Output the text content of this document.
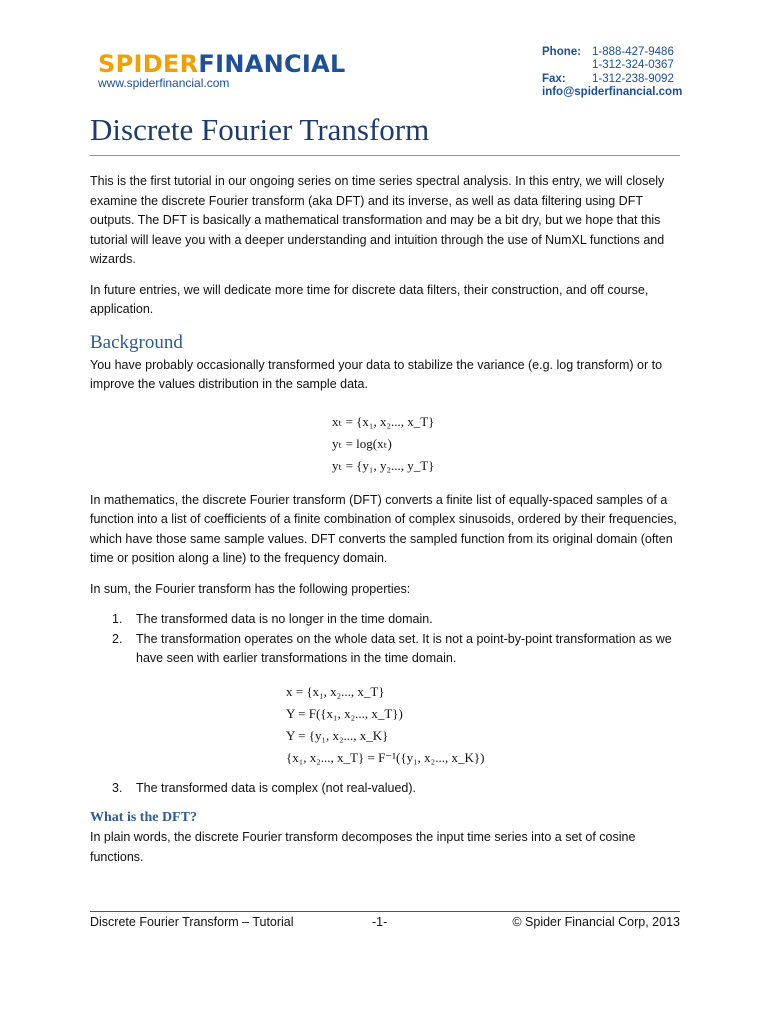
SPIDERFINANCIAL
www.spiderfinancial.com
Phone: 1-888-427-9486
1-312-324-0367
Fax:	1-312-238-9092
info@spiderfinancial.com
Discrete Fourier Transform

This is the first tutorial in our ongoing series on time series spectral analysis. In this entry, we will closely examine the discrete Fourier transform (aka DFT) and its inverse, as well as data filtering using DFT outputs. The DFT is basically a mathematical transformation and may be a bit dry, but we hope that this tutorial will leave you with a deeper understanding and intuition through the use of NumXL functions and wizards.

In future entries, we will dedicate more time for discrete data filters, their construction, and off course, application.

Background

You have probably occasionally transformed your data to stabilize the variance (e.g. log transform) or to improve the values distribution in the sample data.

xₜ = {x₁, x₂..., x_T}
yₜ = log(xₜ)
yₜ = {y₁, y₂..., y_T}

In mathematics, the discrete Fourier transform (DFT) converts a finite list of equally-spaced samples of a function into a list of coefficients of a finite combination of complex sinusoids, ordered by their frequencies, which have those same sample values. DFT converts the sampled function from its original domain (often time or position along a line) to the frequency domain.

In sum, the Fourier transform has the following properties:

1.	The transformed data is no longer in the time domain.
2.	The transformation operates on the whole data set. It is not a point-by-point transformation as we have seen with earlier transformations in the time domain.
x = {x₁, x₂..., x_T}
Y = F({x₁, x₂..., x_T})
Y = {y₁, x₂..., x_K}
{x₁, x₂..., x_T} = F⁻¹({y₁, x₂..., x_K})
3.	The transformed data is complex (not real-valued).
What is the DFT?

In plain words, the discrete Fourier transform decomposes the input time series into a set of cosine functions.

Discrete Fourier Transform – Tutorial	-1-	© Spider Financial Corp, 2013
